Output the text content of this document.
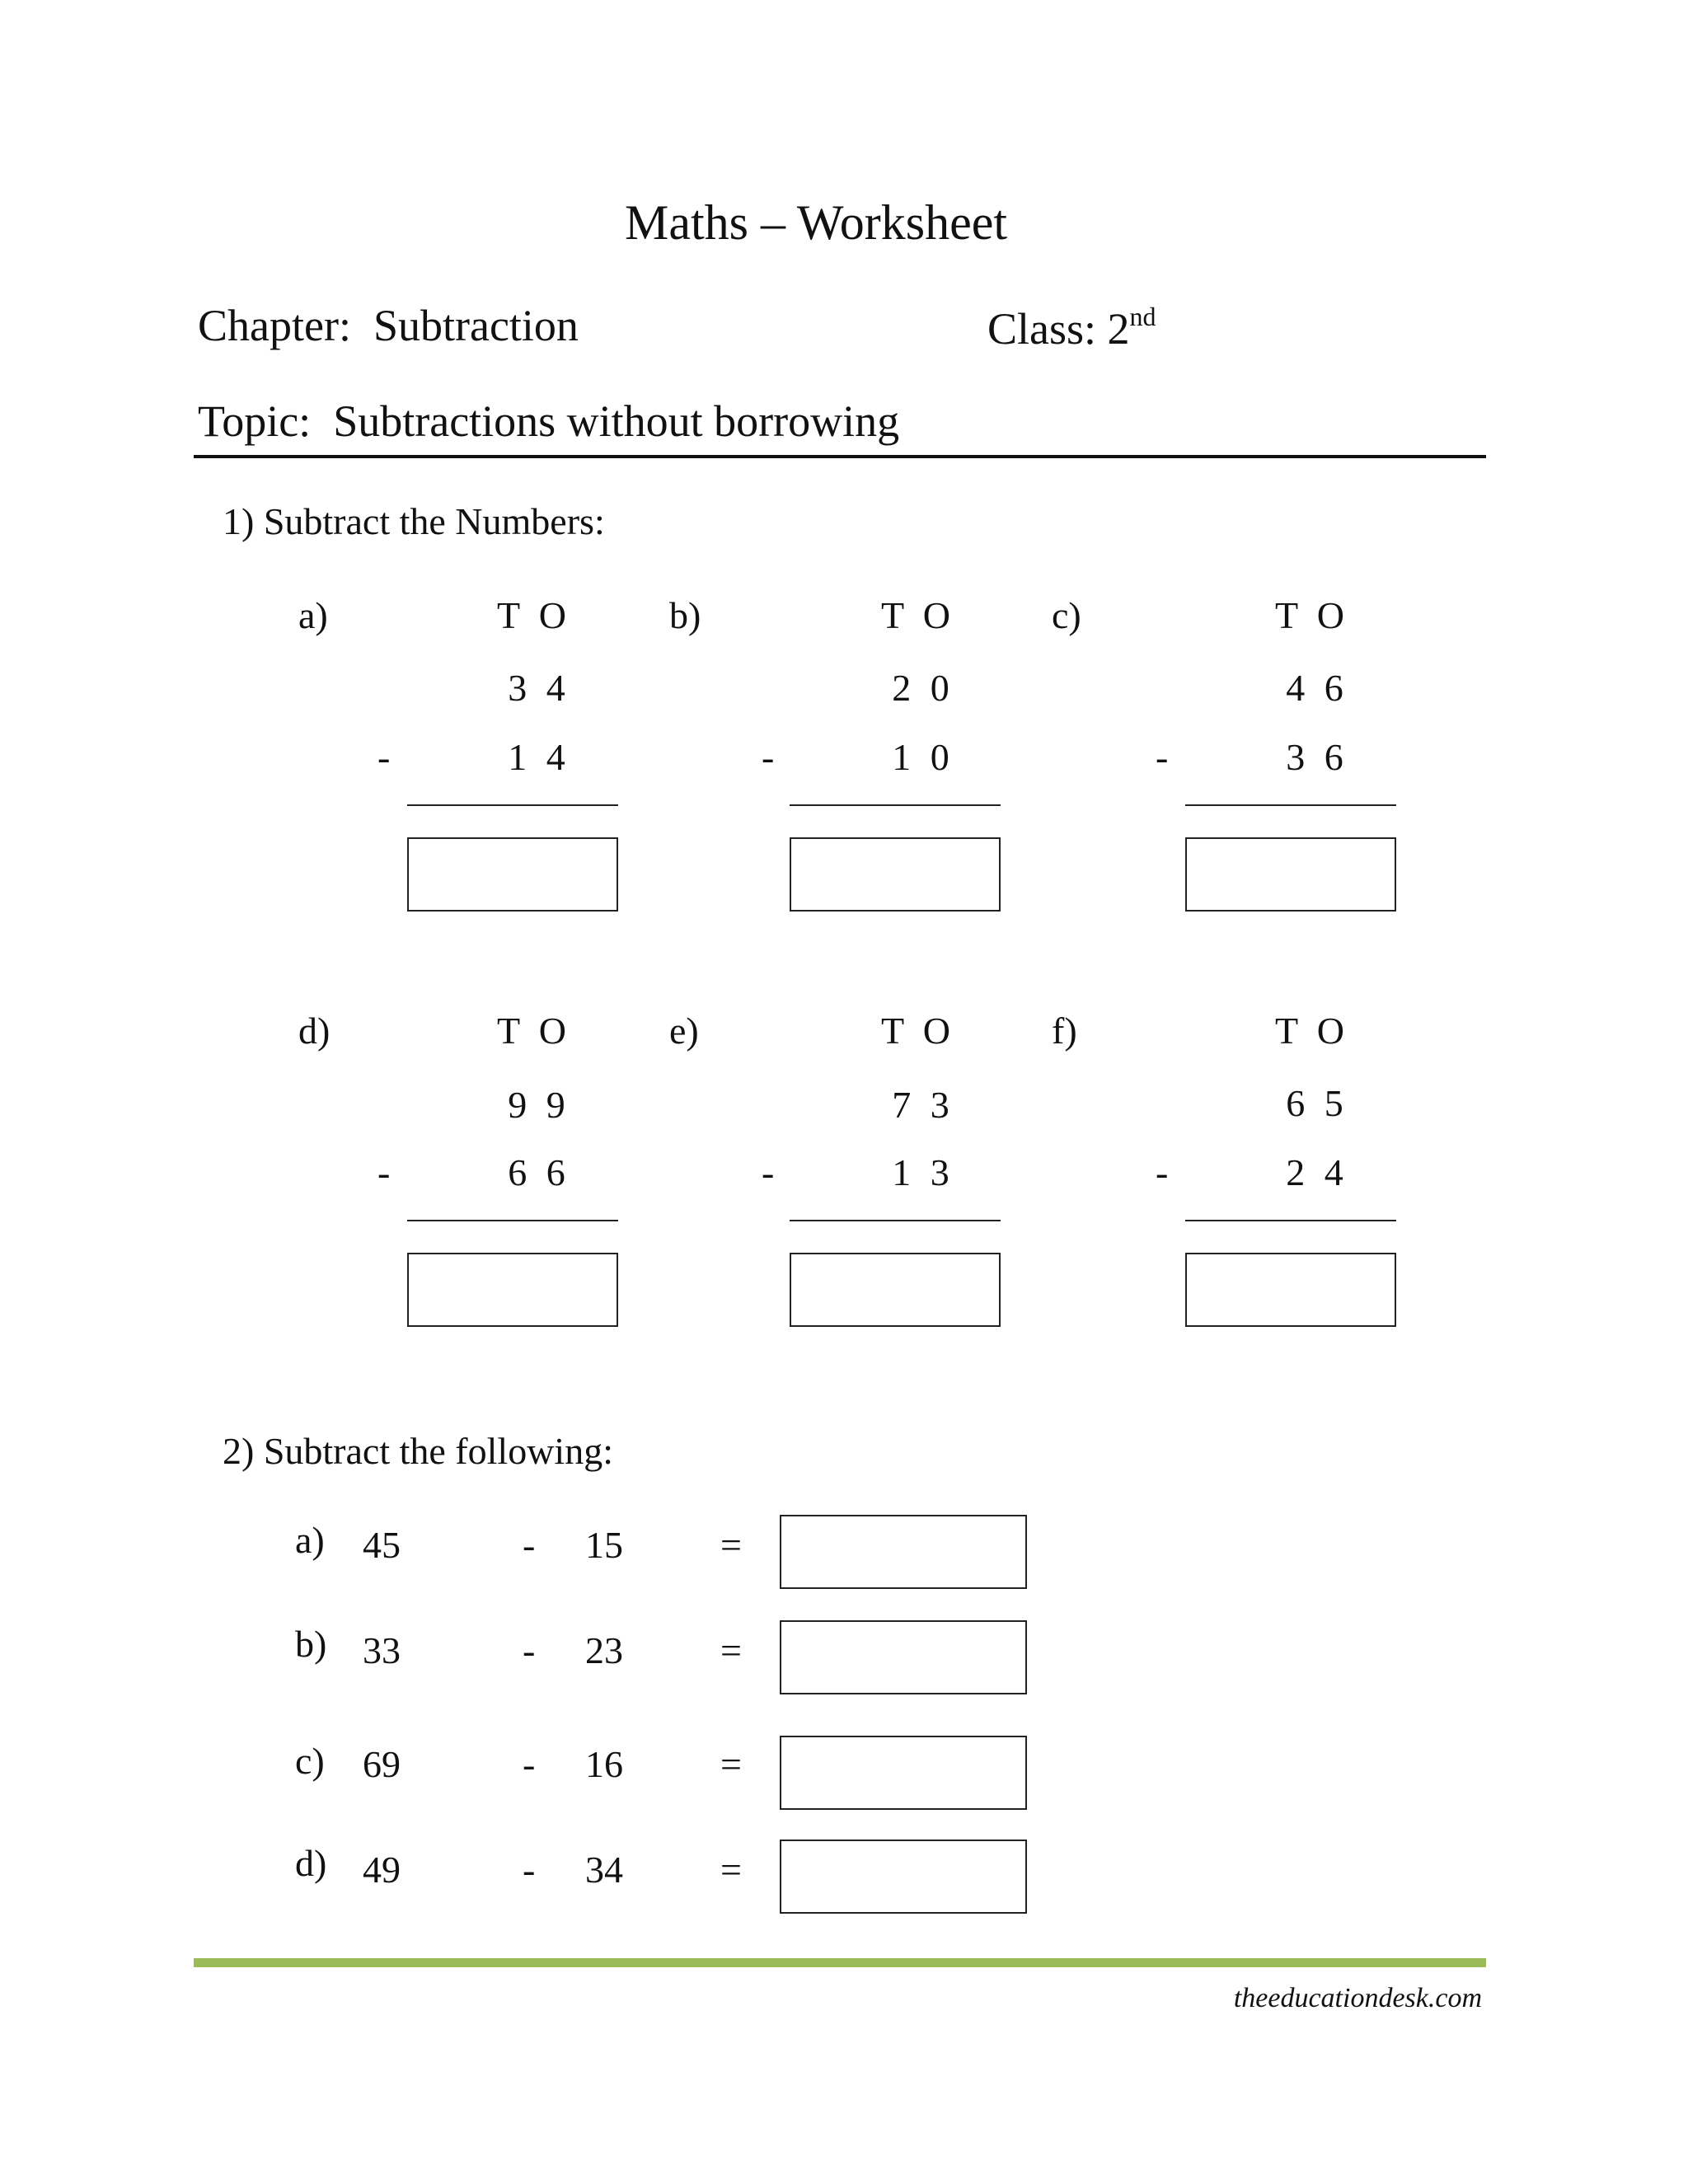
Maths – Worksheet
Chapter: Subtraction	Class: 2nd
Topic: Subtractions without borrowing
1) Subtract the Numbers:
a)	T O
3 4
-	1 4
b)	T O
2 0
-	1 0
c)	T O
4 6
-	3 6
d)	T O
9 9
-	6 6
e)	T O
7 3
-	1 3
f)	T O
6 5
-	2 4
2) Subtract the following:
a) 45	- 15	=
b) 33	- 23	=
c) 69	- 16	=
d) 49	- 34	=
theeducationdesk.com
